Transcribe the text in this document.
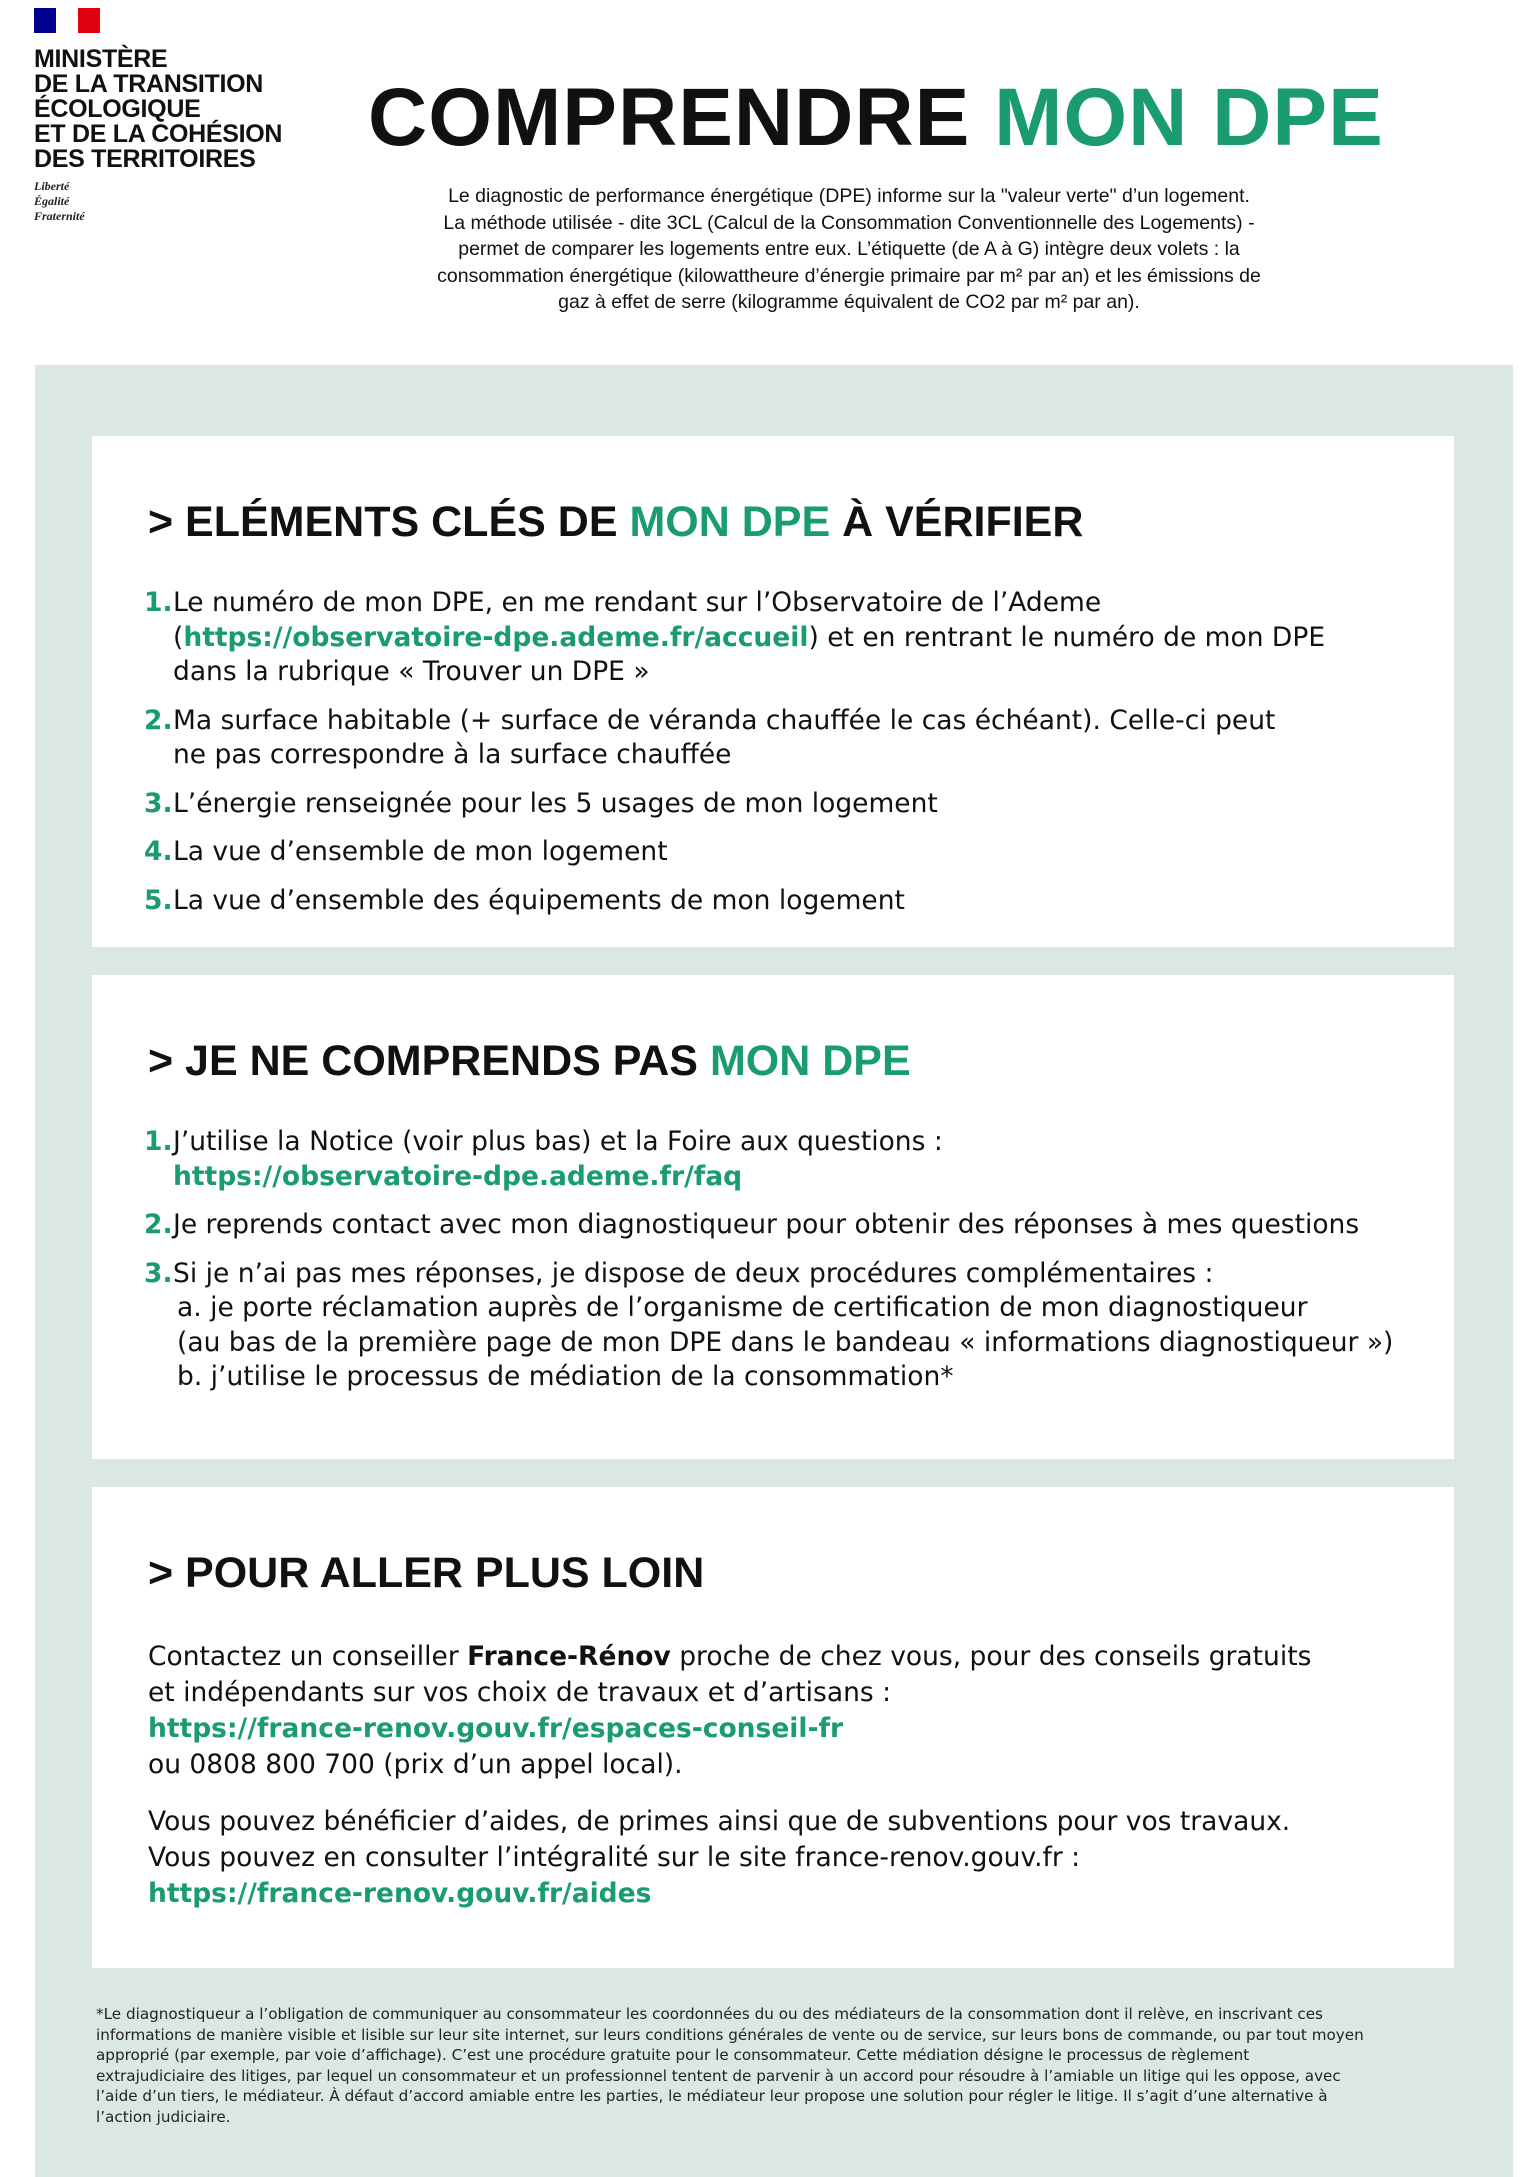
MINISTÈRE
DE LA TRANSITION
ÉCOLOGIQUE
ET DE LA COHÉSION
DES TERRITOIRES
Liberté
Égalité
Fraternité
COMPRENDRE MON DPE
Le diagnostic de performance énergétique (DPE) informe sur la "valeur verte" d’un logement.
La méthode utilisée - dite 3CL (Calcul de la Consommation Conventionnelle des Logements) -
permet de comparer les logements entre eux. L’étiquette (de A à G) intègre deux volets : la
consommation énergétique (kilowattheure d’énergie primaire par m² par an) et les émissions de
gaz à effet de serre (kilogramme équivalent de CO2 par m² par an).
> ELÉMENTS CLÉS DE MON DPE À VÉRIFIER
1. Le numéro de mon DPE, en me rendant sur l’Observatoire de l’Ademe
(https://observatoire-dpe.ademe.fr/accueil) et en rentrant le numéro de mon DPE
dans la rubrique « Trouver un DPE »
2. Ma surface habitable (+ surface de véranda chauffée le cas échéant). Celle-ci peut
ne pas correspondre à la surface chauffée
3. L’énergie renseignée pour les 5 usages de mon logement
4. La vue d’ensemble de mon logement
5. La vue d’ensemble des équipements de mon logement
> JE NE COMPRENDS PAS MON DPE
1. J’utilise la Notice (voir plus bas) et la Foire aux questions :
https://observatoire-dpe.ademe.fr/faq
2. Je reprends contact avec mon diagnostiqueur pour obtenir des réponses à mes questions
3. Si je n’ai pas mes réponses, je dispose de deux procédures complémentaires :
a. je porte réclamation auprès de l’organisme de certification de mon diagnostiqueur
(au bas de la première page de mon DPE dans le bandeau « informations diagnostiqueur »)
b. j’utilise le processus de médiation de la consommation*
> POUR ALLER PLUS LOIN
Contactez un conseiller France-Rénov proche de chez vous, pour des conseils gratuits
et indépendants sur vos choix de travaux et d’artisans :
https://france-renov.gouv.fr/espaces-conseil-fr
ou 0808 800 700 (prix d’un appel local).
Vous pouvez bénéficier d’aides, de primes ainsi que de subventions pour vos travaux.
Vous pouvez en consulter l’intégralité sur le site france-renov.gouv.fr :
https://france-renov.gouv.fr/aides
*Le diagnostiqueur a l’obligation de communiquer au consommateur les coordonnées du ou des médiateurs de la consommation dont il relève, en inscrivant ces
informations de manière visible et lisible sur leur site internet, sur leurs conditions générales de vente ou de service, sur leurs bons de commande, ou par tout moyen
approprié (par exemple, par voie d’affichage). C’est une procédure gratuite pour le consommateur. Cette médiation désigne le processus de règlement
extrajudiciaire des litiges, par lequel un consommateur et un professionnel tentent de parvenir à un accord pour résoudre à l’amiable un litige qui les oppose, avec
l’aide d’un tiers, le médiateur. À défaut d’accord amiable entre les parties, le médiateur leur propose une solution pour régler le litige. Il s’agit d’une alternative à
l’action judiciaire.
